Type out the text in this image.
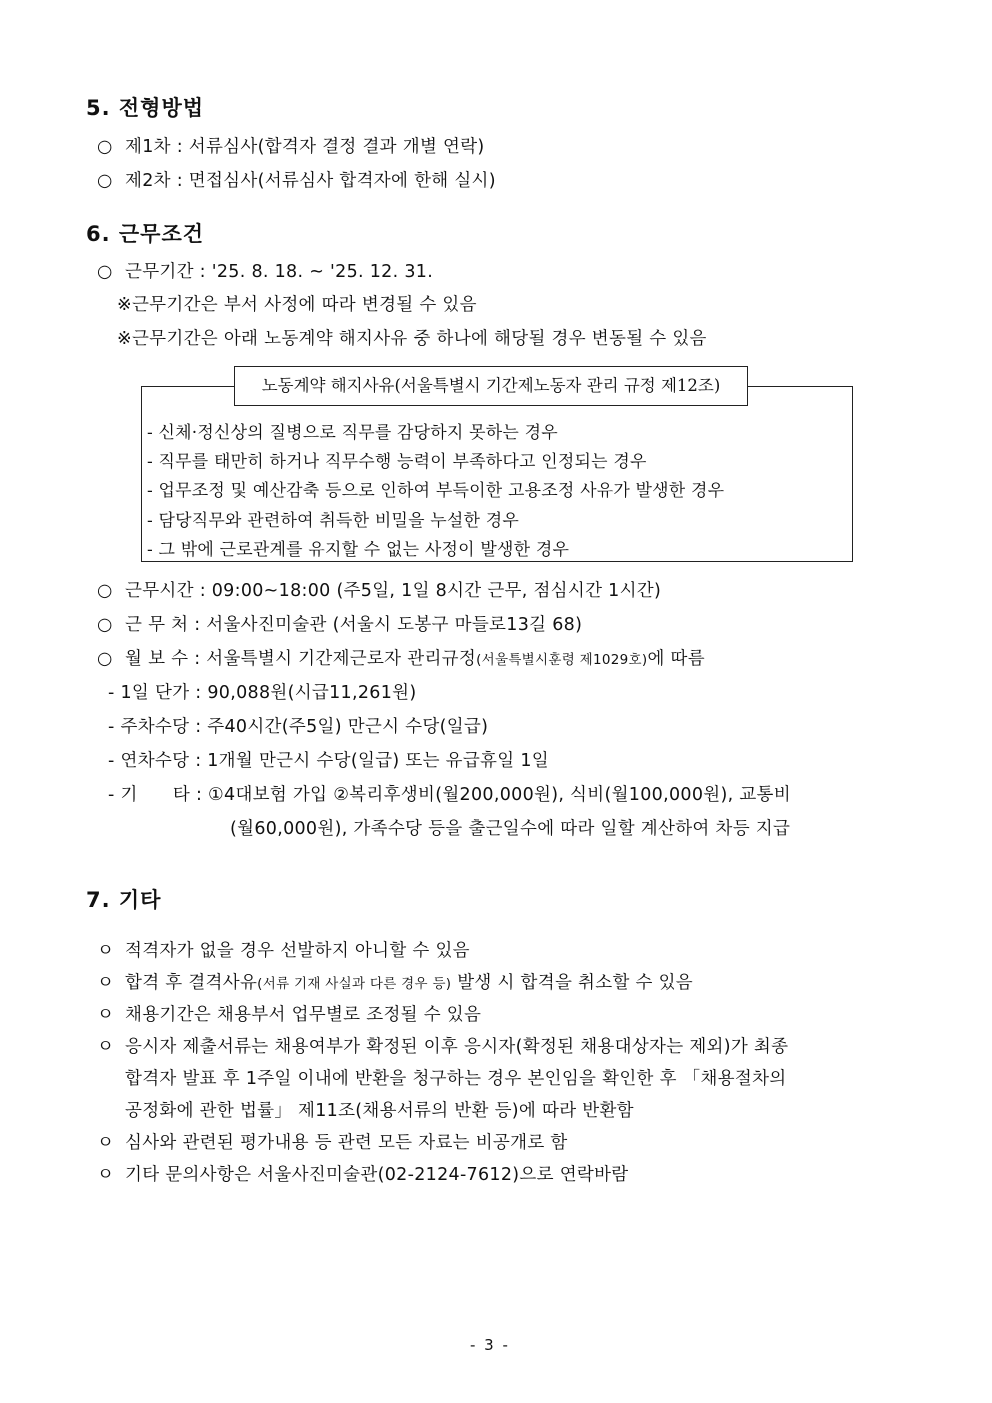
5. 전형방법
○ 제1차 : 서류심사(합격자 결정 결과 개별 연락)
○ 제2차 : 면접심사(서류심사 합격자에 한해 실시)
6. 근무조건
○ 근무기간 : '25. 8. 18. ~ '25. 12. 31.
※근무기간은 부서 사정에 따라 변경될 수 있음
※근무기간은 아래 노동계약 해지사유 중 하나에 해당될 경우 변동될 수 있음
노동계약 해지사유(서울특별시 기간제노동자 관리 규정 제12조)
- 신체·정신상의 질병으로 직무를 감당하지 못하는 경우
- 직무를 태만히 하거나 직무수행 능력이 부족하다고 인정되는 경우
- 업무조정 및 예산감축 등으로 인하여 부득이한 고용조정 사유가 발생한 경우
- 담당직무와 관련하여 취득한 비밀을 누설한 경우
- 그 밖에 근로관계를 유지할 수 없는 사정이 발생한 경우
○ 근무시간 : 09:00~18:00 (주5일, 1일 8시간 근무, 점심시간 1시간)
○ 근 무 처 : 서울사진미술관 (서울시 도봉구 마들로13길 68)
○ 월 보 수 : 서울특별시 기간제근로자 관리규정(서울특별시훈령 제1029호)에 따름
- 1일 단가 : 90,088원(시급11,261원)
- 주차수당 : 주40시간(주5일) 만근시 수당(일급)
- 연차수당 : 1개월 만근시 수당(일급) 또는 유급휴일 1일
- 기      타 : ①4대보험 가입 ②복리후생비(월200,000원), 식비(월100,000원), 교통비
(월60,000원), 가족수당 등을 출근일수에 따라 일할 계산하여 차등 지급
7. 기타
ㅇ 적격자가 없을 경우 선발하지 아니할 수 있음
ㅇ 합격 후 결격사유(서류 기재 사실과 다른 경우 등) 발생 시 합격을 취소할 수 있음
ㅇ 채용기간은 채용부서 업무별로 조정될 수 있음
ㅇ 응시자 제출서류는 채용여부가 확정된 이후 응시자(확정된 채용대상자는 제외)가 최종
합격자 발표 후 1주일 이내에 반환을 청구하는 경우 본인임을 확인한 후 「채용절차의
공정화에 관한 법률」 제11조(채용서류의 반환 등)에 따라 반환함
ㅇ 심사와 관련된 평가내용 등 관련 모든 자료는 비공개로 함
ㅇ 기타 문의사항은 서울사진미술관(02-2124-7612)으로 연락바람
- 3 -
